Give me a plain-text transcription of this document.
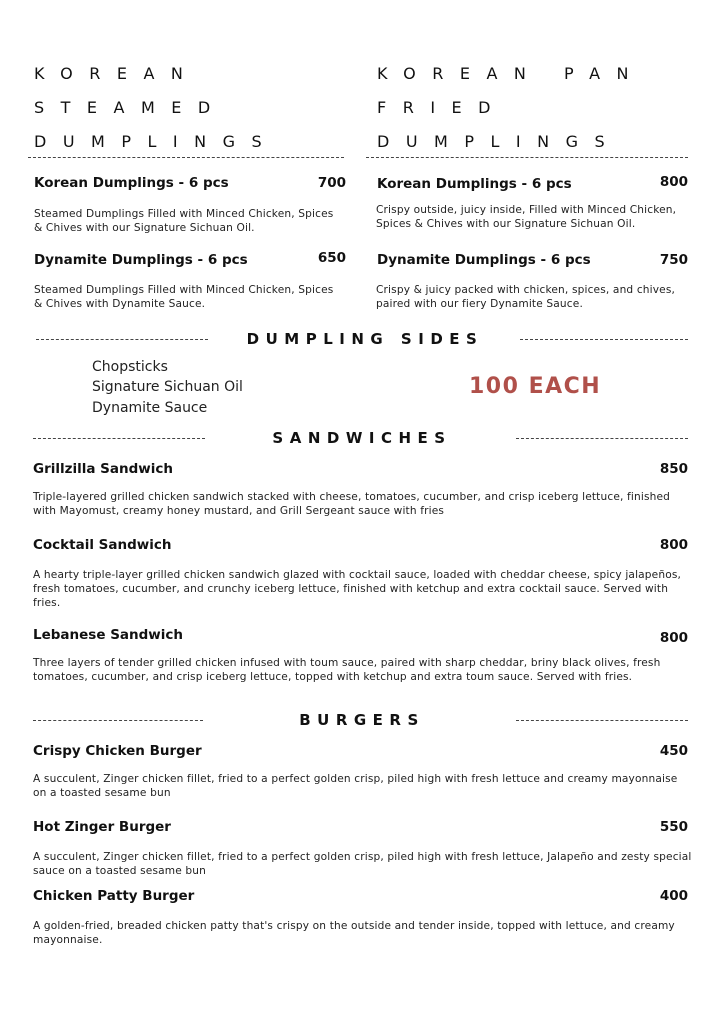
KOREAN
STEAMED
DUMPLINGS
Korean Dumplings - 6 pcs	700
Steamed Dumplings Filled with Minced Chicken, Spices & Chives with our Signature Sichuan Oil.
Dynamite Dumplings - 6 pcs	650
Steamed Dumplings Filled with Minced Chicken, Spices & Chives with Dynamite Sauce.
KOREAN PAN
FRIED
DUMPLINGS
Korean Dumplings - 6 pcs	800
Crispy outside, juicy inside, Filled with Minced Chicken, Spices & Chives with our Signature Sichuan Oil.
Dynamite Dumplings - 6 pcs	750
Crispy & juicy packed with chicken, spices, and chives, paired with our fiery Dynamite Sauce.
DUMPLING SIDES
Chopsticks
Signature Sichuan Oil
Dynamite Sauce
100 EACH
SANDWICHES
Grillzilla Sandwich	850
Triple-layered grilled chicken sandwich stacked with cheese, tomatoes, cucumber, and crisp iceberg lettuce, finished with Mayomust, creamy honey mustard, and Grill Sergeant sauce with fries
Cocktail Sandwich	800
A hearty triple-layer grilled chicken sandwich glazed with cocktail sauce, loaded with cheddar cheese, spicy jalapeños, fresh tomatoes, cucumber, and crunchy iceberg lettuce, finished with ketchup and extra cocktail sauce. Served with fries.
Lebanese Sandwich	800
Three layers of tender grilled chicken infused with toum sauce, paired with sharp cheddar, briny black olives, fresh tomatoes, cucumber, and crisp iceberg lettuce, topped with ketchup and extra toum sauce. Served with fries.
BURGERS
Crispy Chicken Burger	450
A succulent, Zinger chicken fillet, fried to a perfect golden crisp, piled high with fresh lettuce and creamy mayonnaise on a toasted sesame bun
Hot Zinger Burger	550
A succulent, Zinger chicken fillet, fried to a perfect golden crisp, piled high with fresh lettuce, Jalapeño and zesty special sauce on a toasted sesame bun
Chicken Patty Burger	400
A golden-fried, breaded chicken patty that's crispy on the outside and tender inside, topped with lettuce, and creamy mayonnaise.
